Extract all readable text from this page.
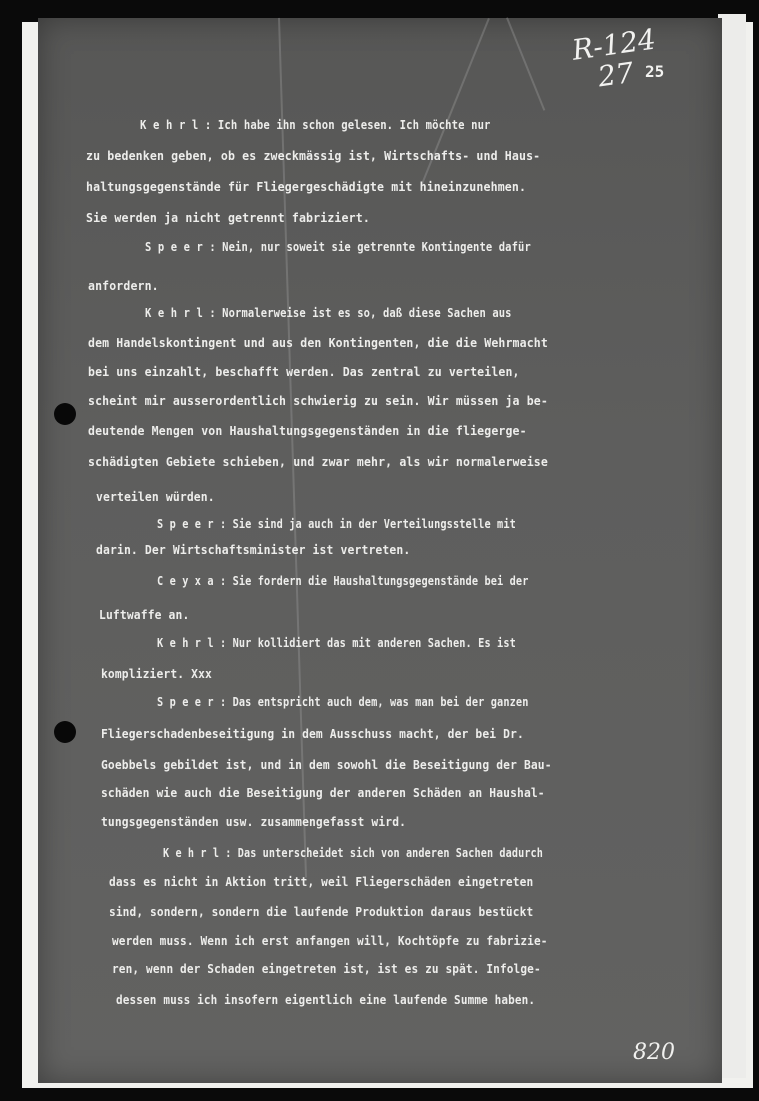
R-124
27 25
K e h r l : Ich habe ihn schon gelesen. Ich möchte nur
zu bedenken geben, ob es zweckmässig ist, Wirtschafts- und Haus-
haltungsgegenstände für Fliegergeschädigte mit hineinzunehmen.
Sie werden ja nicht getrennt fabriziert.
S p e e r : Nein, nur soweit sie getrennte Kontingente dafür
anfordern.
K e h r l : Normalerweise ist es so, daß diese Sachen aus
dem Handelskontingent und aus den Kontingenten, die die Wehrmacht
bei uns einzahlt, beschafft werden. Das zentral zu verteilen,
scheint mir ausserordentlich schwierig zu sein. Wir müssen ja be-
deutende Mengen von Haushaltungsgegenständen in die fliegerge-
schädigten Gebiete schieben, und zwar mehr, als wir normalerweise
verteilen würden.
S p e e r : Sie sind ja auch in der Verteilungsstelle mit
darin. Der Wirtschaftsminister ist vertreten.
C e y x a : Sie fordern die Haushaltungsgegenstände bei der
Luftwaffe an.
K e h r l : Nur kollidiert das mit anderen Sachen. Es ist
kompliziert. Xxx
S p e e r : Das entspricht auch dem, was man bei der ganzen
Fliegerschadenbeseitigung in dem Ausschuss macht, der bei Dr.
Goebbels gebildet ist, und in dem sowohl die Beseitigung der Bau-
schäden wie auch die Beseitigung der anderen Schäden an Haushal-
tungsgegenständen usw. zusammengefasst wird.
K e h r l : Das unterscheidet sich von anderen Sachen dadurch
dass es nicht in Aktion tritt, weil Fliegerschäden eingetreten
sind, sondern, sondern die laufende Produktion daraus bestückt
werden muss. Wenn ich erst anfangen will, Kochtöpfe zu fabrizie-
ren, wenn der Schaden eingetreten ist, ist es zu spät. Infolge-
dessen muss ich insofern eigentlich eine laufende Summe haben.
820
